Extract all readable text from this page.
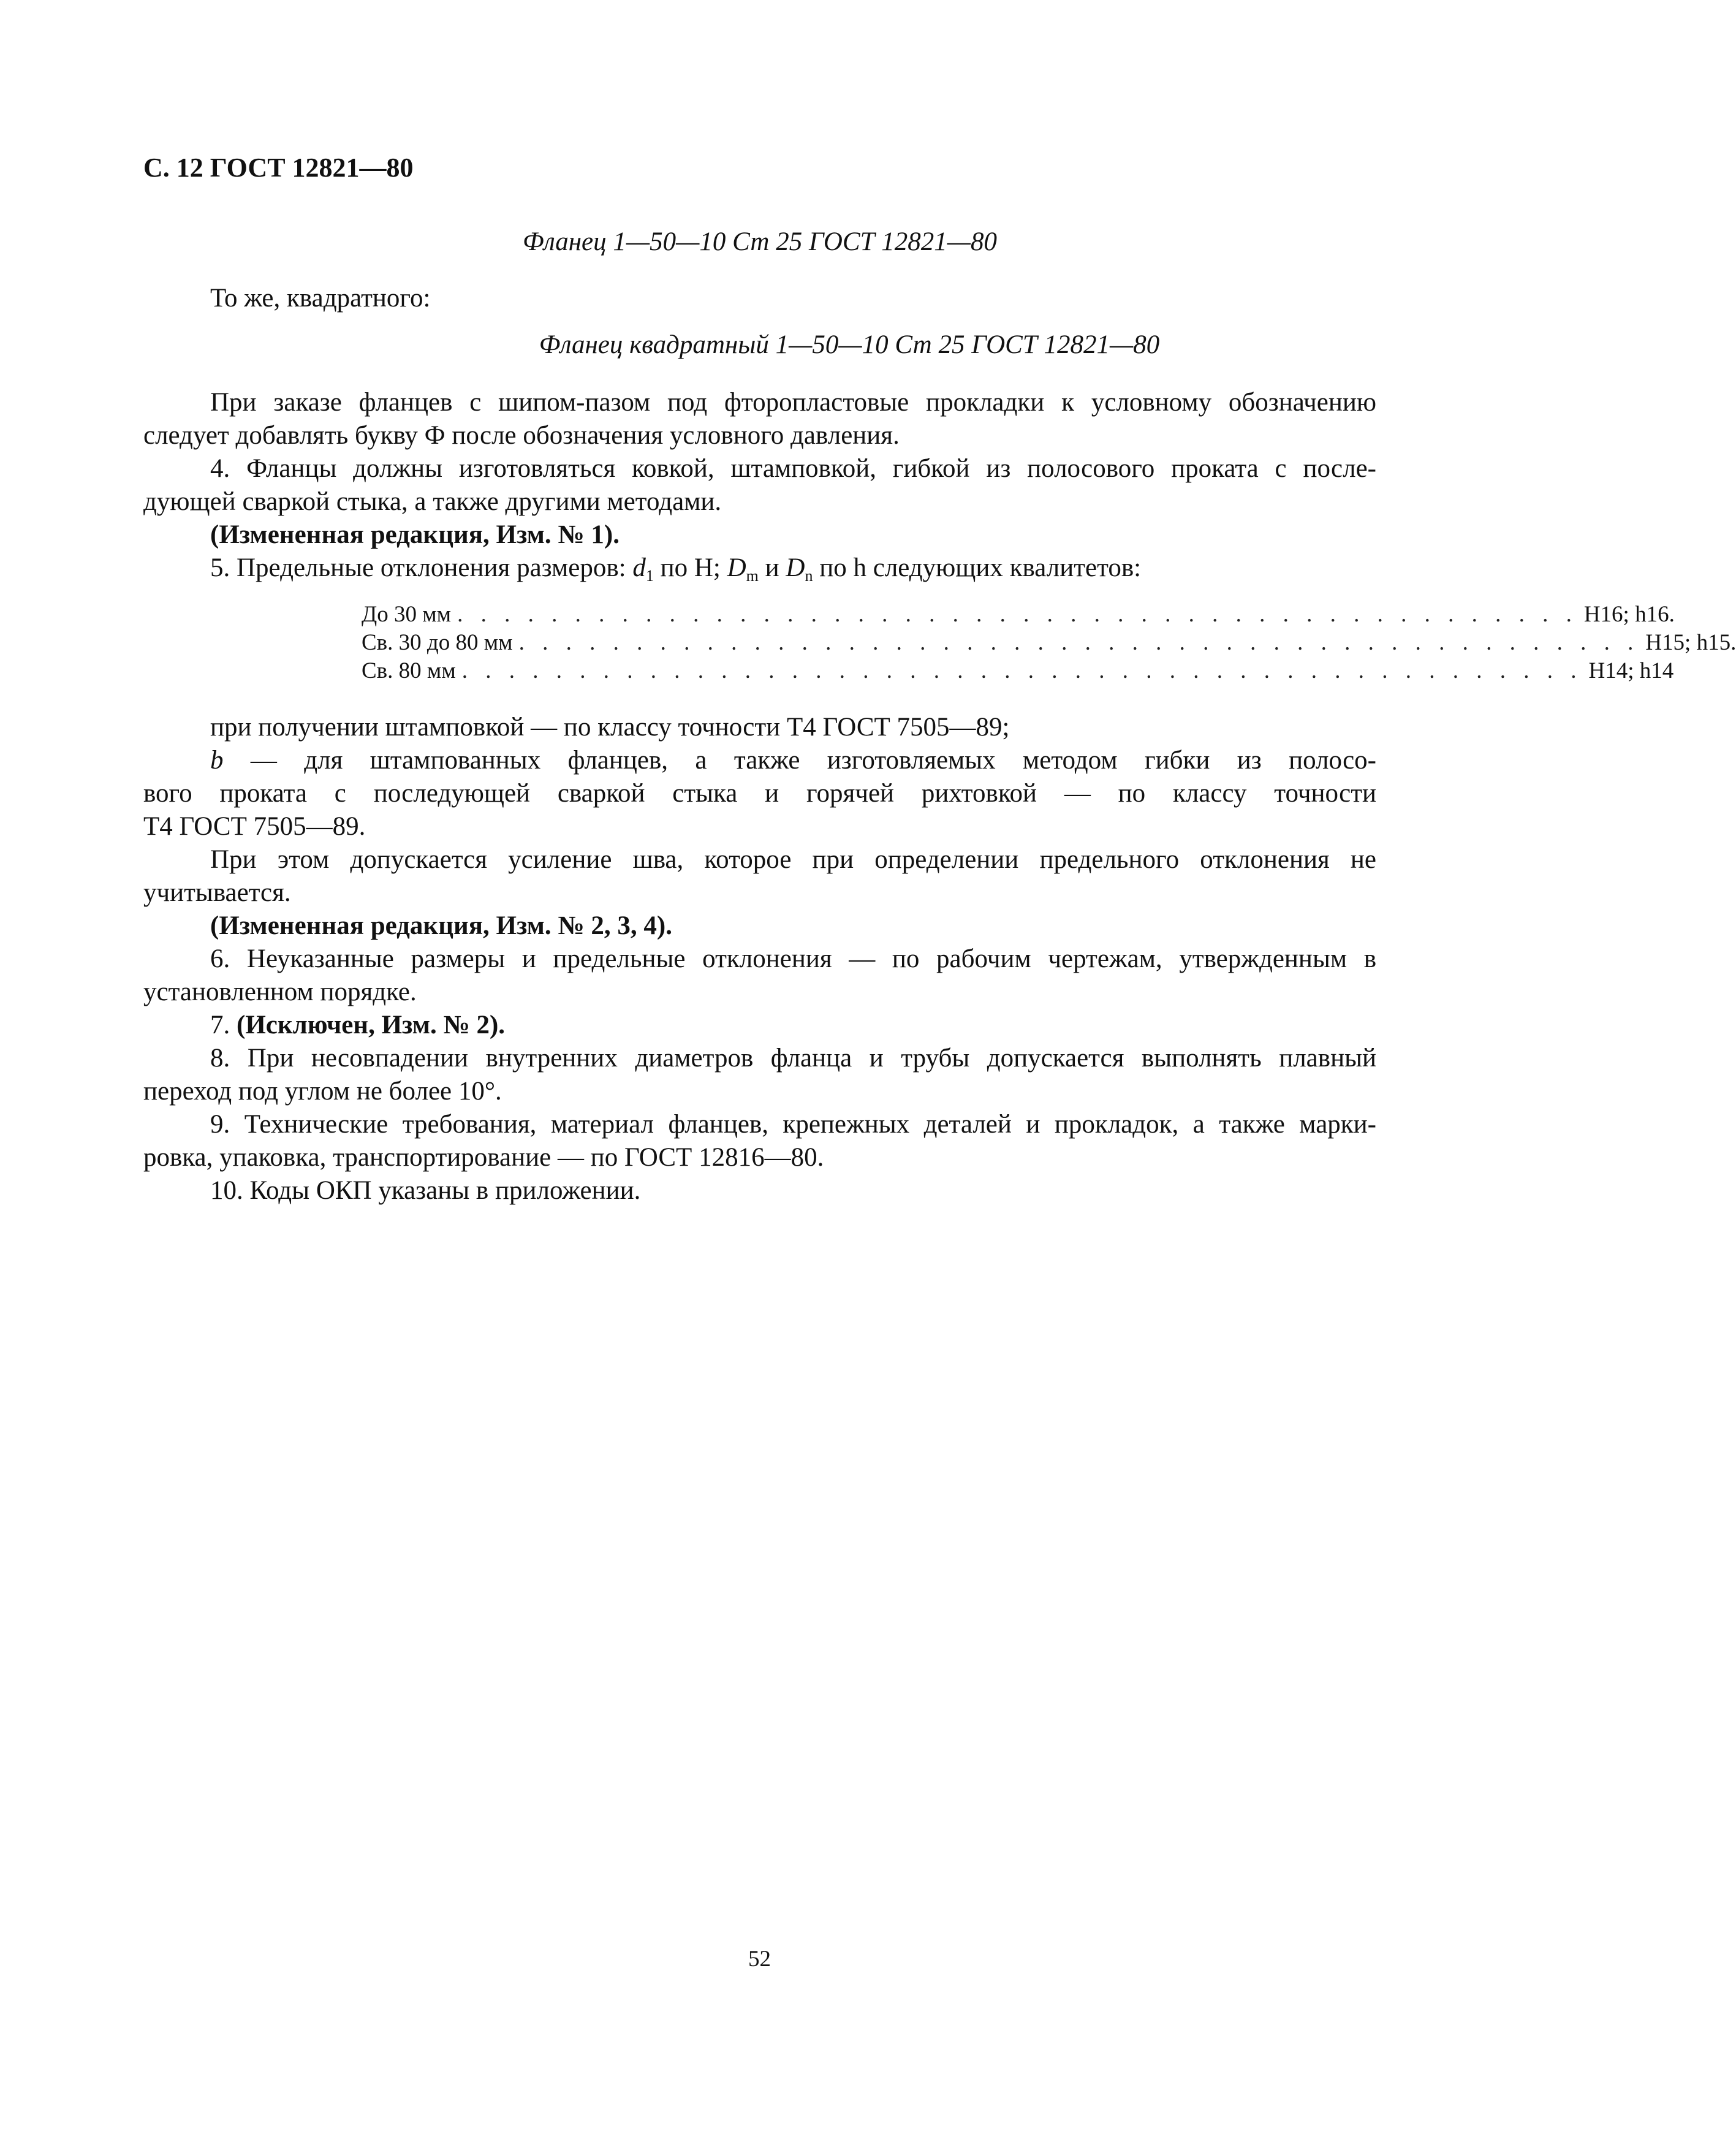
С. 12 ГОСТ 12821—80
Фланец 1—50—10 Ст 25 ГОСТ 12821—80
То же, квадратного:
Фланец квадратный 1—50—10 Ст 25 ГОСТ 12821—80
При заказе фланцев с шипом-пазом под фторопластовые прокладки к условному обозначению
следует добавлять букву Ф после обозначения условного давления.
4. Фланцы должны изготовляться ковкой, штамповкой, гибкой из полосового проката с после-
дующей сваркой стыка, а также другими методами.
(Измененная редакция, Изм. № 1).
5. Предельные отклонения размеров: $d_1$ по H; $D_m$ и $D_n$ по h следующих квалитетов:
До 30 мм . . . . . . . . . . . . . . . . . . . . . . . . . . . . . . . . . . . . . . . . . . . . . . . . H16; h16.
Св. 30 до 80 мм . . . . . . . . . . . . . . . . . . . . . . . . . . . . . . . . . . . . . . . . . . . . . . . . H15; h15.
Св. 80 мм . . . . . . . . . . . . . . . . . . . . . . . . . . . . . . . . . . . . . . . . . . . . . . . . H14; h14
при получении штамповкой — по классу точности Т4 ГОСТ 7505—89;
b — для штампованных фланцев, а также изготовляемых методом гибки из полосо-
вого проката с последующей сваркой стыка и горячей рихтовкой — по классу точности
Т4 ГОСТ 7505—89.
При этом допускается усиление шва, которое при определении предельного отклонения не
учитывается.
(Измененная редакция, Изм. № 2, 3, 4).
6. Неуказанные размеры и предельные отклонения — по рабочим чертежам, утвержденным в
установленном порядке.
7. (Исключен, Изм. № 2).
8. При несовпадении внутренних диаметров фланца и трубы допускается выполнять плавный
переход под углом не более 10°.
9. Технические требования, материал фланцев, крепежных деталей и прокладок, а также марки-
ровка, упаковка, транспортирование — по ГОСТ 12816—80.
10. Коды ОКП указаны в приложении.
52
